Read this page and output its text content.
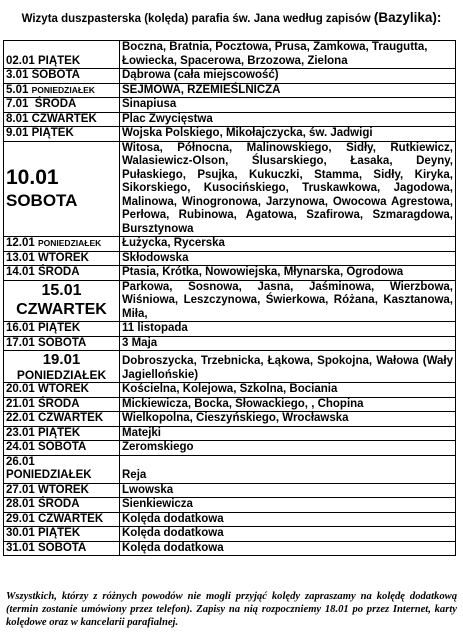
Wizyta duszpasterska (kolęda) parafia św. Jana według zapisów (Bazylika):
02.01 PIĄTEK	Boczna, Bratnia, Pocztowa, Prusa, Zamkowa, Traugutta, Łowiecka, Spacerowa, Brzozowa, Zielona
3.01 SOBOTA	Dąbrowa (cała miejscowość)
5.01 PONIEDZIAŁEK	SEJMOWA, RZEMIEŚLNICZA
7.01 ŚRODA	Sinapiusa
8.01 CZWARTEK	Plac Zwycięstwa
9.01 PIĄTEK	Wojska Polskiego, Mikołajczycka, św. Jadwigi

10.01
SOBOTA	Witosa, Północna, Malinowskiego, Sidły, Rutkiewicz, Walasiewicz-Olson, Ślusarskiego, Łasaka, Deyny, Pułaskiego, Psujka, Kukuczki, Stamma, Sidły, Kiryka, Sikorskiego, Kusocińskiego, Truskawkowa, Jagodowa, Malinowa, Winogronowa, Jarzynowa, Owocowa Agrestowa, Perłowa, Rubinowa, Agatowa, Szafirowa, Szmaragdowa, Bursztynowa
12.01 PONIEDZIAŁEK	Łużycka, Rycerska
13.01 WTOREK	Skłodowska
14.01 ŚRODA	Ptasia, Krótka, Nowowiejska, Młynarska, Ogrodowa

15.01
CZWARTEK	Parkowa, Sosnowa, Jasna, Jaśminowa, Wierzbowa, Wiśniowa, Leszczynowa, Świerkowa, Różana, Kasztanowa, Miła,
16.01 PIĄTEK	11 listopada
17.01 SOBOTA	3 Maja

19.01
PONIEDZIAŁEK	Dobroszycka, Trzebnicka, Łąkowa, Spokojna, Wałowa (Wały Jagiellońskie)
20.01 WTOREK	Kościelna, Kolejowa, Szkolna, Bociania
21.01 ŚRODA	Mickiewicza, Bocka, Słowackiego, , Chopina
22.01 CZWARTEK	Wielkopolna, Cieszyńskiego, Wrocławska
23.01 PIĄTEK	Matejki
24.01 SOBOTA	Zeromskiego
26.01
PONIEDZIAŁEK	Reja
27.01 WTOREK	Lwowska
28.01 ŚRODA	Sienkiewicza
29.01 CZWARTEK	Kolęda dodatkowa
30.01 PIĄTEK	Kolęda dodatkowa
31.01 SOBOTA	Kolęda dodatkowa
Wszystkich, którzy z różnych powodów nie mogli przyjąć kolędy zapraszamy na kolędę dodatkową (termin zostanie umówiony przez telefon). Zapisy na nią rozpoczniemy 18.01 po przez Internet, karty kolędowe oraz w kancelarii parafialnej.
